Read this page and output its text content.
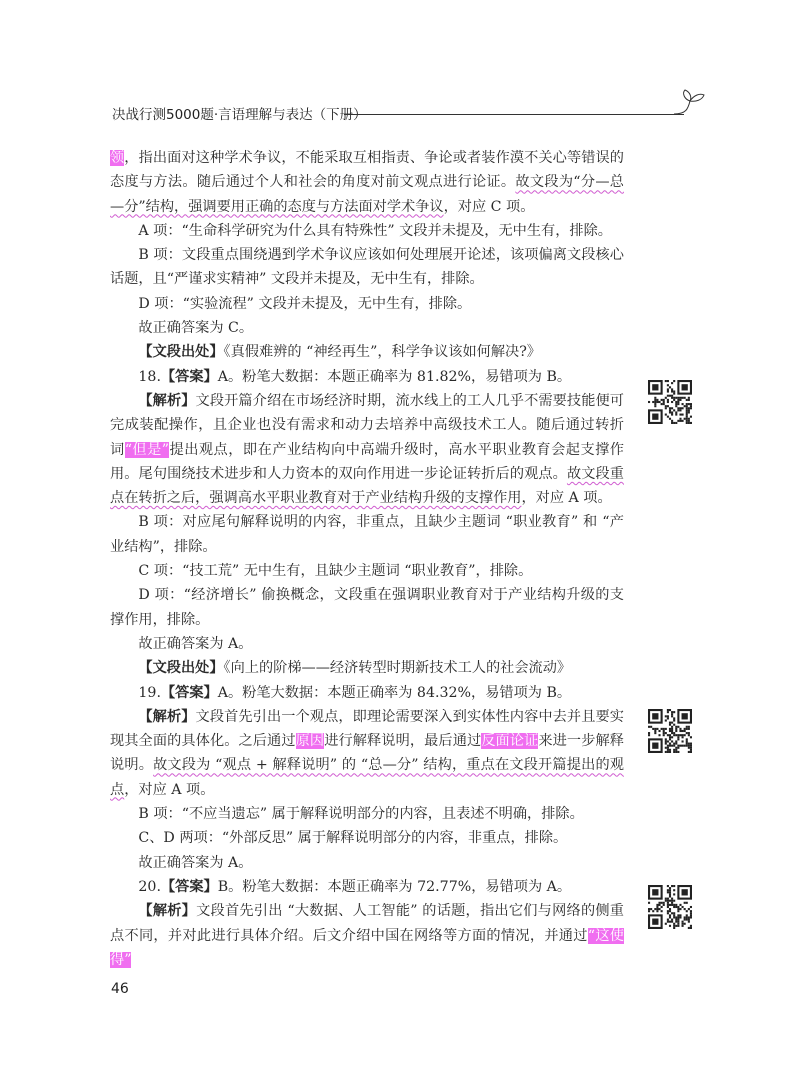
决战行测5000题·言语理解与表达（下册）

领，指出面对这种学术争议，不能采取互相指责、争论或者装作漠不关心等错误的态度与方法。随后通过个人和社会的角度对前文观点进行论证。故文段为“分—总—分”结构，强调要用正确的态度与方法面对学术争议，对应 C 项。

A 项：“生命科学研究为什么具有特殊性” 文段并未提及，无中生有，排除。

B 项：文段重点围绕遇到学术争议应该如何处理展开论述，该项偏离文段核心话题，且“严谨求实精神” 文段并未提及，无中生有，排除。

D 项：“实验流程” 文段并未提及，无中生有，排除。

故正确答案为 C。

【文段出处】《真假难辨的 “神经再生”，科学争议该如何解决?》

18.【答案】A。粉笔大数据：本题正确率为 81.82%，易错项为 B。

【解析】文段开篇介绍在市场经济时期，流水线上的工人几乎不需要技能便可完成装配操作，且企业也没有需求和动力去培养中高级技术工人。随后通过转折词“但是”提出观点，即在产业结构向中高端升级时，高水平职业教育会起支撑作用。尾句围绕技术进步和人力资本的双向作用进一步论证转折后的观点。故文段重点在转折之后，强调高水平职业教育对于产业结构升级的支撑作用，对应 A 项。

B 项：对应尾句解释说明的内容，非重点，且缺少主题词 “职业教育” 和 “产业结构”，排除。

C 项：“技工荒” 无中生有，且缺少主题词 “职业教育”，排除。

D 项：“经济增长” 偷换概念，文段重在强调职业教育对于产业结构升级的支撑作用，排除。

故正确答案为 A。

【文段出处】《向上的阶梯——经济转型时期新技术工人的社会流动》

19.【答案】A。粉笔大数据：本题正确率为 84.32%，易错项为 B。

【解析】文段首先引出一个观点，即理论需要深入到实体性内容中去并且要实现其全面的具体化。之后通过原因进行解释说明，最后通过反面论证来进一步解释说明。故文段为 “观点 + 解释说明” 的 “总—分” 结构，重点在文段开篇提出的观点，对应 A 项。

B 项：“不应当遗忘” 属于解释说明部分的内容，且表述不明确，排除。

C、D 两项：“外部反思” 属于解释说明部分的内容，非重点，排除。

故正确答案为 A。

20.【答案】B。粉笔大数据：本题正确率为 72.77%，易错项为 A。

【解析】文段首先引出 “大数据、人工智能” 的话题，指出它们与网络的侧重点不同，并对此进行具体介绍。后文介绍中国在网络等方面的情况，并通过“这使得”

46
